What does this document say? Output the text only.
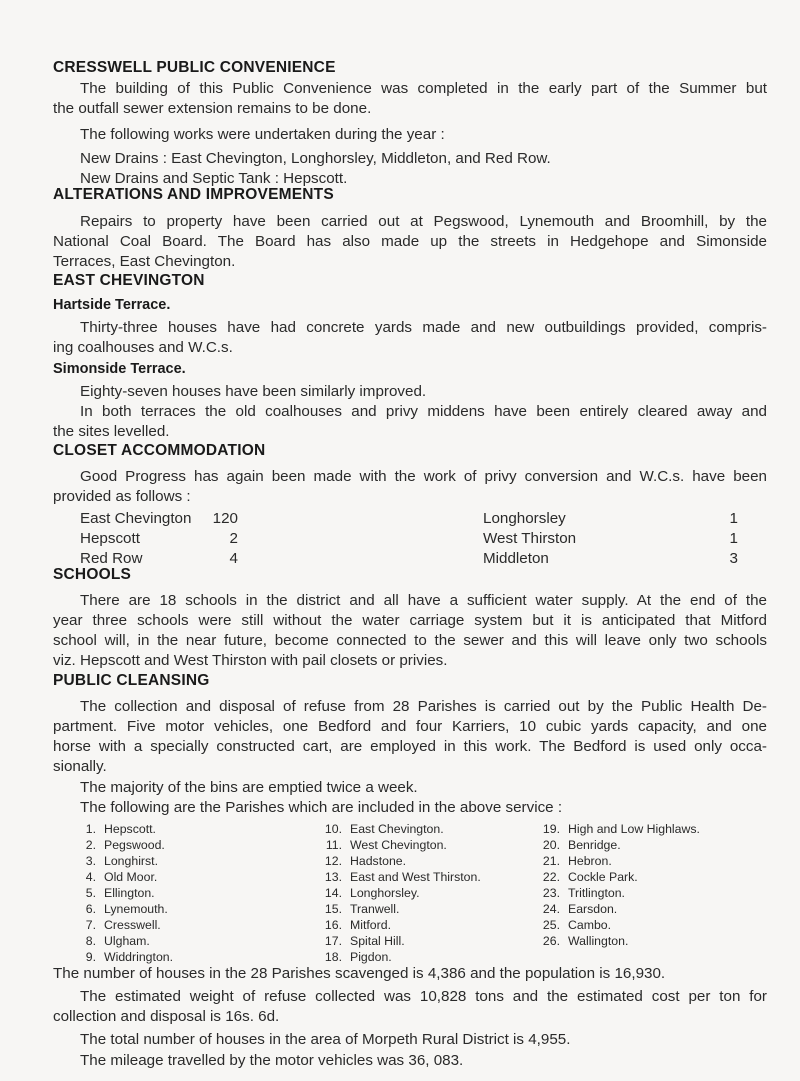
CRESSWELL PUBLIC CONVENIENCE
The building of this Public Convenience was completed in the early part of the Summer but
the outfall sewer extension remains to be done.
The following works were undertaken during the year :
New Drains : East Chevington, Longhorsley, Middleton, and Red Row.
New Drains and Septic Tank : Hepscott.
ALTERATIONS AND IMPROVEMENTS
Repairs to property have been carried out at Pegswood, Lynemouth and Broomhill, by the
National Coal Board. The Board has also made up the streets in Hedgehope and Simonside
Terraces, East Chevington.
EAST CHEVINGTON
Hartside Terrace.
Thirty-three houses have had concrete yards made and new outbuildings provided, compris-
ing coalhouses and W.C.s.
Simonside Terrace.
Eighty-seven houses have been similarly improved.
In both terraces the old coalhouses and privy middens have been entirely cleared away and
the sites levelled.
CLOSET ACCOMMODATION
Good Progress has again been made with the work of privy conversion and W.C.s. have been
provided as follows :
East Chevington	120	Longhorsley	1
Hepscott	2	West Thirston	1
Red Row	4	Middleton	3
SCHOOLS
There are 18 schools in the district and all have a sufficient water supply. At the end of the
year three schools were still without the water carriage system but it is anticipated that Mitford
school will, in the near future, become connected to the sewer and this will leave only two schools
viz. Hepscott and West Thirston with pail closets or privies.
PUBLIC CLEANSING
The collection and disposal of refuse from 28 Parishes is carried out by the Public Health De-
partment. Five motor vehicles, one Bedford and four Karriers, 10 cubic yards capacity, and one
horse with a specially constructed cart, are employed in this work. The Bedford is used only occa-
sionally.
The majority of the bins are emptied twice a week.
The following are the Parishes which are included in the above service :
1. Hepscott.
2. Pegswood.
3. Longhirst.
4. Old Moor.
5. Ellington.
6. Lynemouth.
7. Cresswell.
8. Ulgham.
9. Widdrington.
10. East Chevington.
11. West Chevington.
12. Hadstone.
13. East and West Thirston.
14. Longhorsley.
15. Tranwell.
16. Mitford.
17. Spital Hill.
18. Pigdon.
19. High and Low Highlaws.
20. Benridge.
21. Hebron.
22. Cockle Park.
23. Tritlington.
24. Earsdon.
25. Cambo.
26. Wallington.
The number of houses in the 28 Parishes scavenged is 4,386 and the population is 16,930.
The estimated weight of refuse collected was 10,828 tons and the estimated cost per ton for
collection and disposal is 16s. 6d.
The total number of houses in the area of Morpeth Rural District is 4,955.
The mileage travelled by the motor vehicles was 36, 083.
